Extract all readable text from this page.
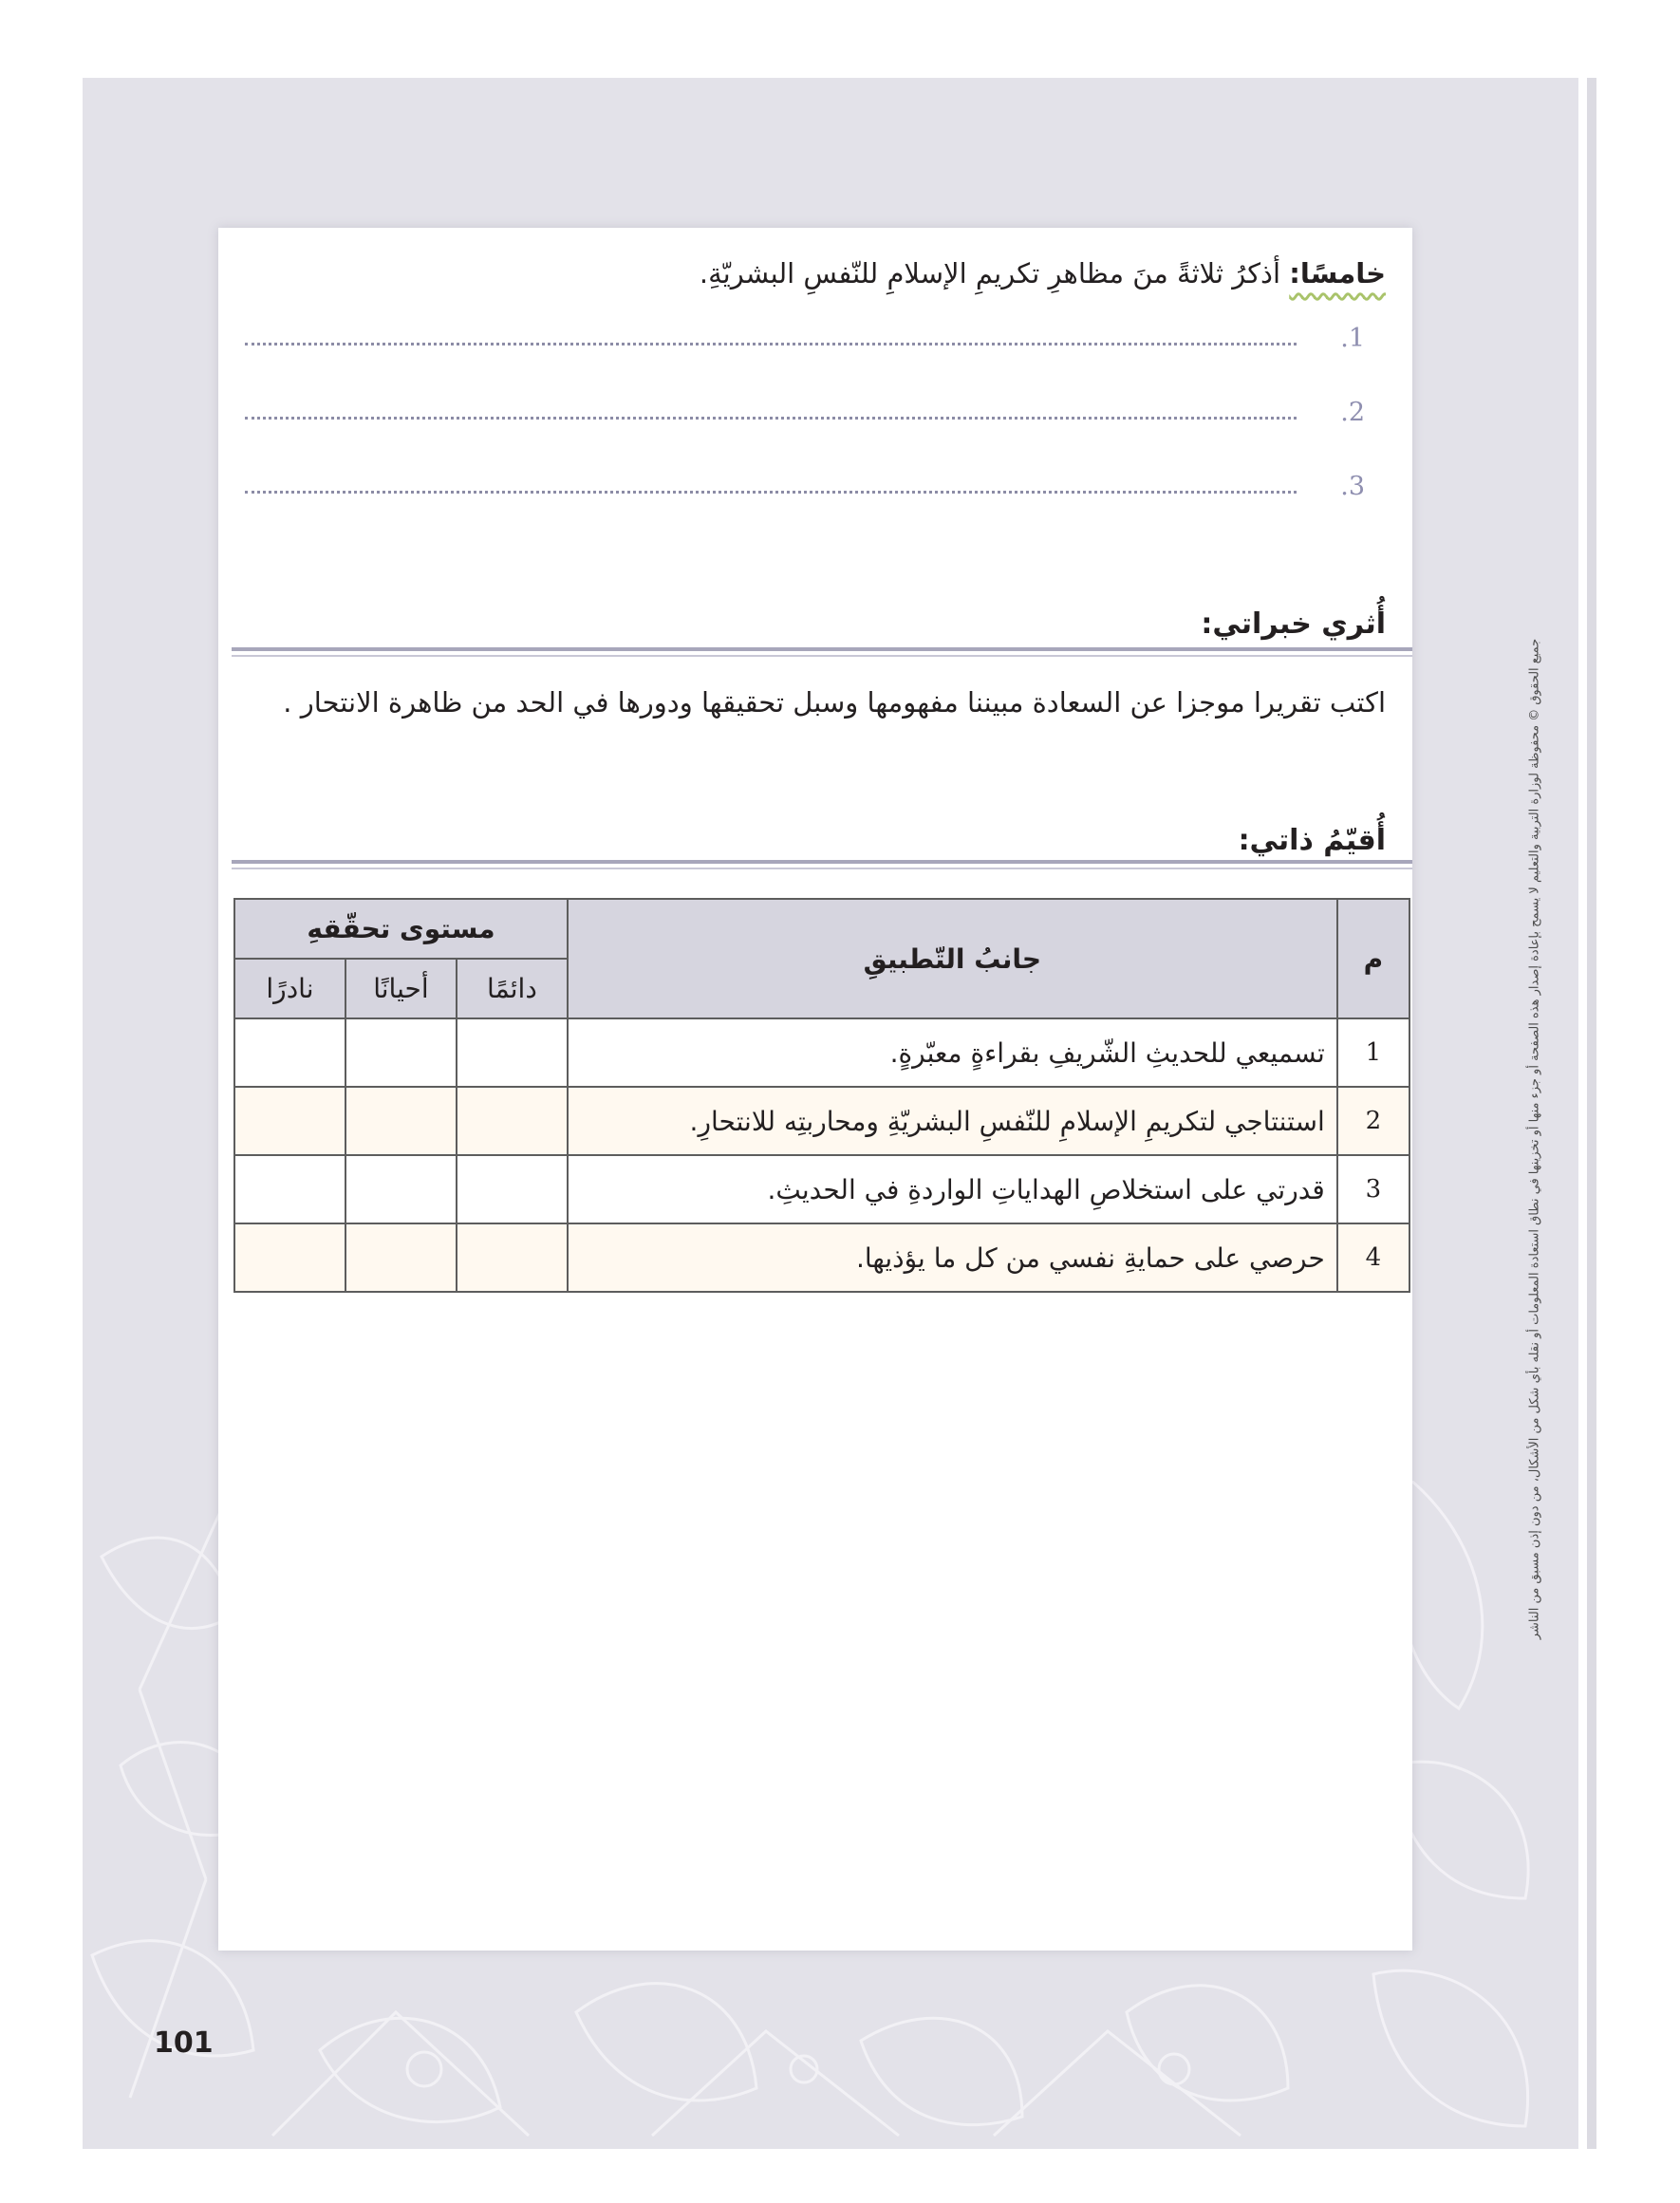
خامسًا: أذكرُ ثلاثةً منَ مظاهرِ تكريمِ الإسلامِ للنّفسِ البشريّةِ.
.1
.2
.3
أُثري خبراتي:
اكتب تقريرا موجزا عن السعادة مبيننا مفهومها وسبل تحقيقها ودورها في الحد من ظاهرة الانتحار .
أُقيّمُ ذاتي:
م	جانبُ التّطبيقِ	مستوى تحقّقهِ		
		دائمًا	أحيانًا	نادرًا
1	تسميعي للحديثِ الشّريفِ بقراءةٍ معبّرةٍ.			
2	استنتاجي لتكريمِ الإسلامِ للنّفسِ البشريّةِ ومحاربتِه للانتحارِ.			
3	قدرتي على استخلاصِ الهداياتِ الواردةِ في الحديثِ.			
4	حرصي على حمايةِ نفسي من كل ما يؤذيها.			
101
جميع الحقوق © محفوظة لوزارة التربية والتعليم لا يسمح بإعادة إصدار هذه الصفحة أو جزء منها أو تخزينها في نطاق استعادة المعلومات أو نقله بأي شكل من الأشكال، من دون إذن مسبق من الناشر
